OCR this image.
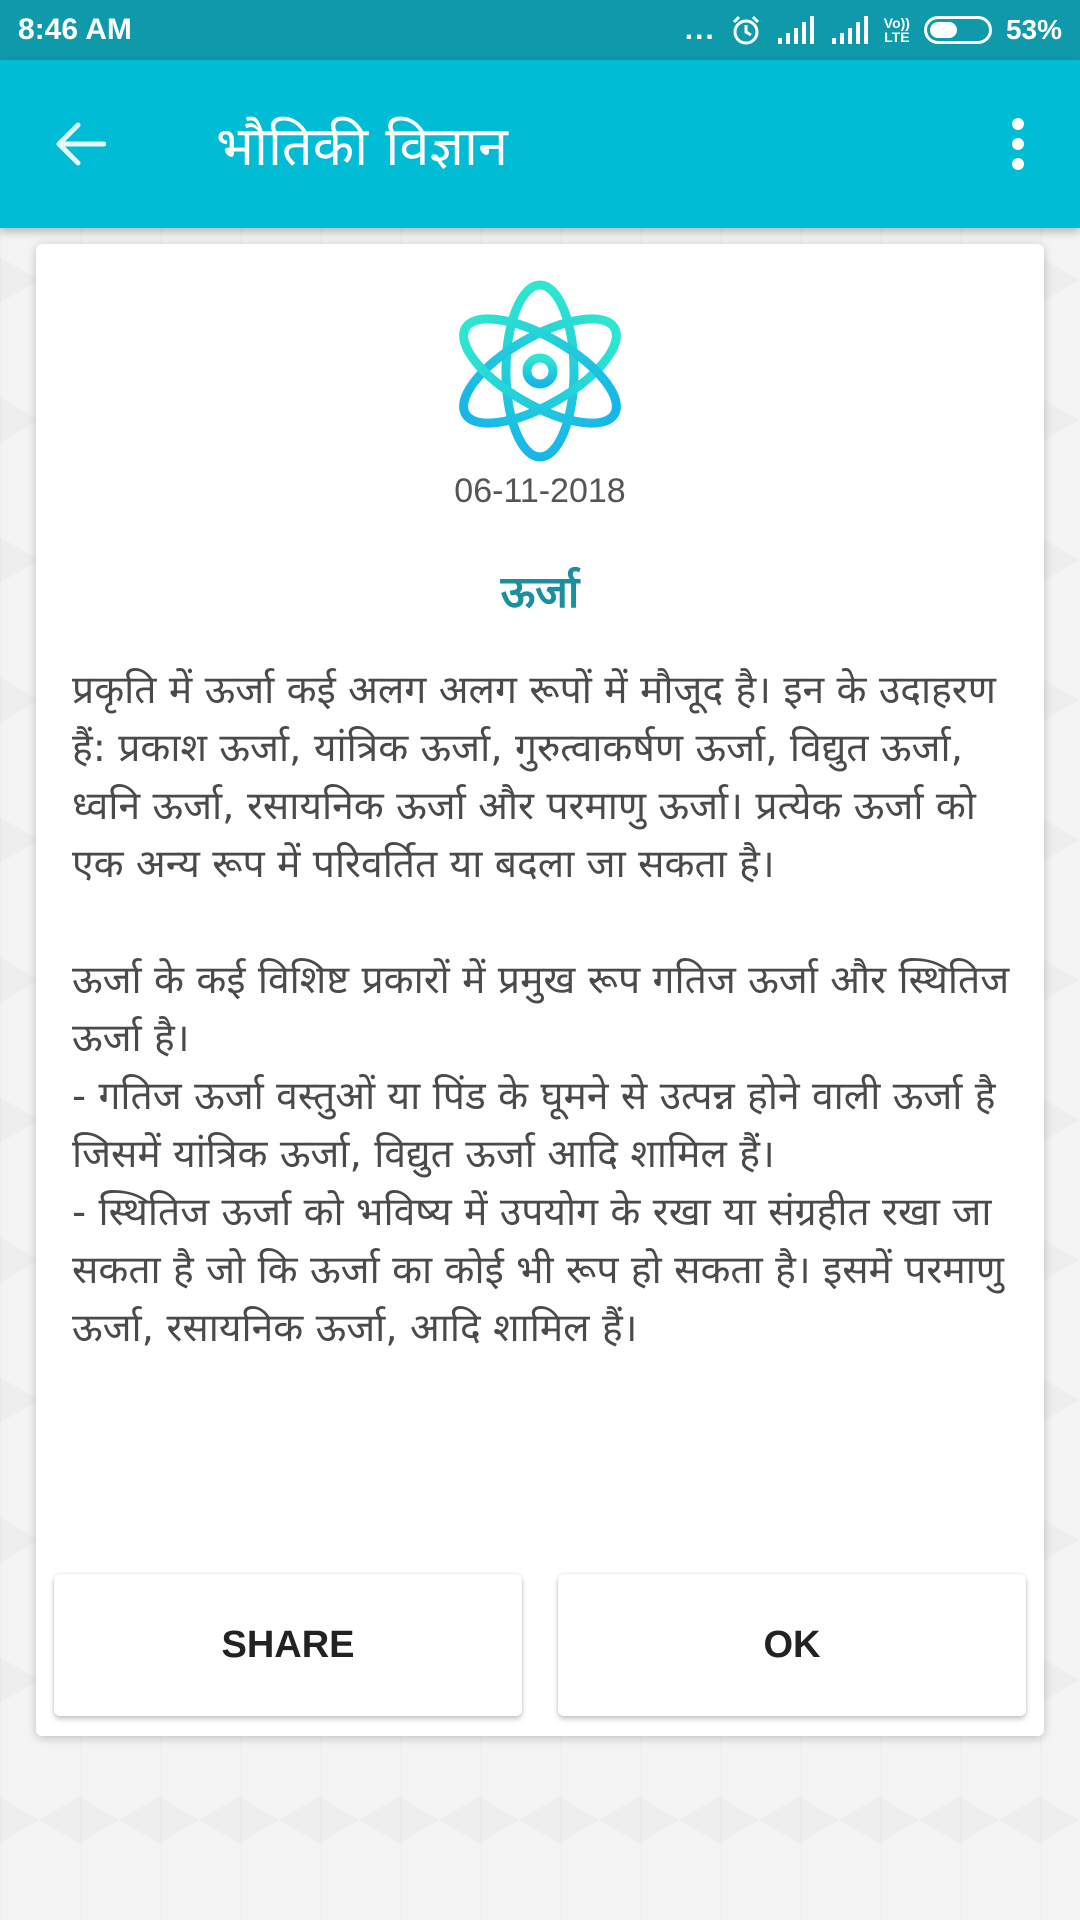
8:46 AM	...	Vo))
LTE	53%
भौतिकी विज्ञान
06-11-2018
ऊर्जा

प्रकृति में ऊर्जा कई अलग अलग रूपों में मौजूद है। इन के उदाहरण हैं: प्रकाश ऊर्जा, यांत्रिक ऊर्जा, गुरुत्वाकर्षण ऊर्जा, विद्युत ऊर्जा, ध्वनि ऊर्जा, रसायनिक ऊर्जा और परमाणु ऊर्जा। प्रत्येक ऊर्जा को एक अन्य रूप में परिवर्तित या बदला जा सकता है।

ऊर्जा के कई विशिष्ट प्रकारों में प्रमुख रूप गतिज ऊर्जा और स्थितिज ऊर्जा है।

- गतिज ऊर्जा वस्तुओं या पिंड के घूमने से उत्पन्न होने वाली ऊर्जा है जिसमें यांत्रिक ऊर्जा, विद्युत ऊर्जा आदि शामिल हैं।

- स्थितिज ऊर्जा को भविष्य में उपयोग के रखा या संग्रहीत रखा जा सकता है जो कि ऊर्जा का कोई भी रूप हो सकता है। इसमें परमाणु ऊर्जा, रसायनिक ऊर्जा, आदि शामिल हैं।

SHARE	OK
